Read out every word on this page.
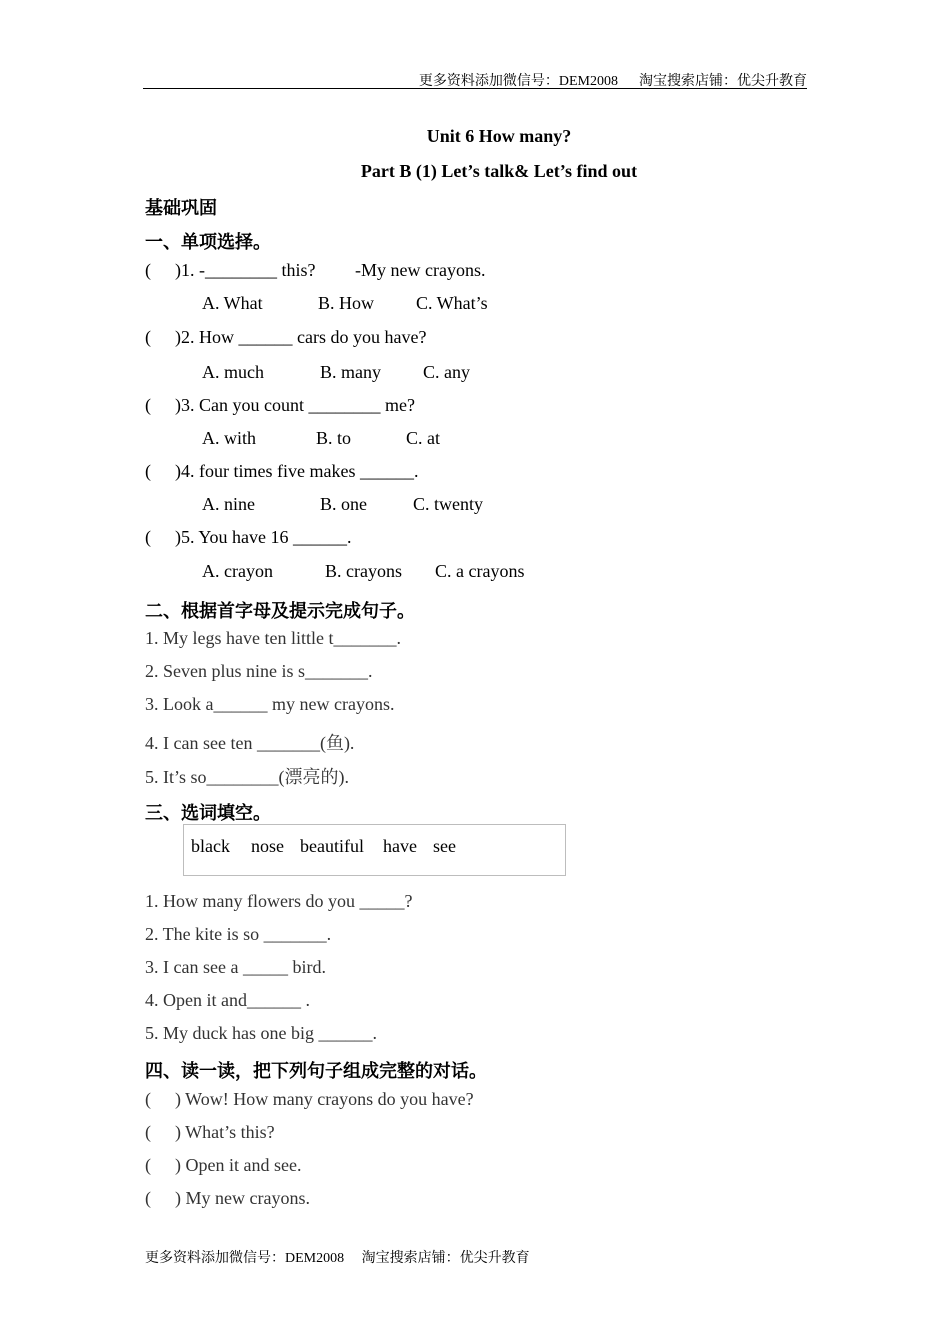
更多资料添加微信号：DEM2008 淘宝搜索店铺：优尖升教育
Unit 6 How many?
Part B (1) Let’s talk& Let’s find out
基础巩固
一、单项选择。
( )1. -________ this? -My new crayons.
A. What	B. How C. What’s
( )2. How ______ cars do you have?
A. much	B. many C. any
( )3. Can you count ________ me?
A. with	B. to	C. at
( )4. four times five makes ______.
A. nine	B. one	C. twenty
( )5. You have 16 ______.
A. crayon	B. crayons C. a crayons
二、根据首字母及提示完成句子。
1. My legs have ten little t_______.
2. Seven plus nine is s_______.
3. Look a______ my new crayons.
4. I can see ten _______(鱼).
5. It’s so________(漂亮的).
三、选词填空。
black nose beautiful have see
1. How many flowers do you _____?
2. The kite is so _______.
3. I can see a _____ bird.
4. Open it and______ .
5. My duck has one big ______.
四、读一读，把下列句子组成完整的对话。
( ) Wow! How many crayons do you have?
( ) What’s this?
( ) Open it and see.
( ) My new crayons.
更多资料添加微信号：DEM2008 淘宝搜索店铺：优尖升教育
